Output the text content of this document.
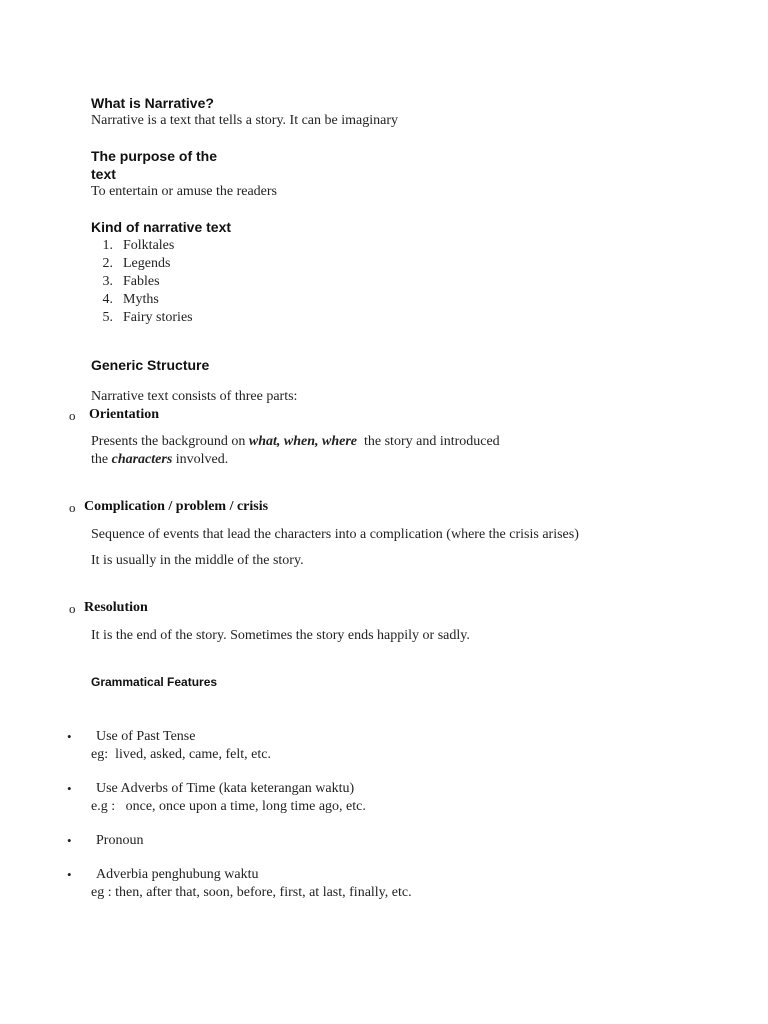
What is Narrative?
Narrative is a text that tells a story. It can be imaginary
The purpose of the
text
To entertain or amuse the readers
Kind of narrative text
1. Folktales
2. Legends
3. Fables
4. Myths
5. Fairy stories
Generic Structure
Narrative text consists of three parts:
o Orientation
Presents the background on what, when, where  the story and introduced
the characters involved.
o Complication / problem / crisis
Sequence of events that lead the characters into a complication (where the crisis arises)
It is usually in the middle of the story.
o Resolution
It is the end of the story. Sometimes the story ends happily or sadly.
Grammatical Features
• Use of Past Tense
eg:  lived, asked, came, felt, etc.
• Use Adverbs of Time (kata keterangan waktu)
e.g :   once, once upon a time, long time ago, etc.
• Pronoun
• Adverbia penghubung waktu
eg : then, after that, soon, before, first, at last, finally, etc.
